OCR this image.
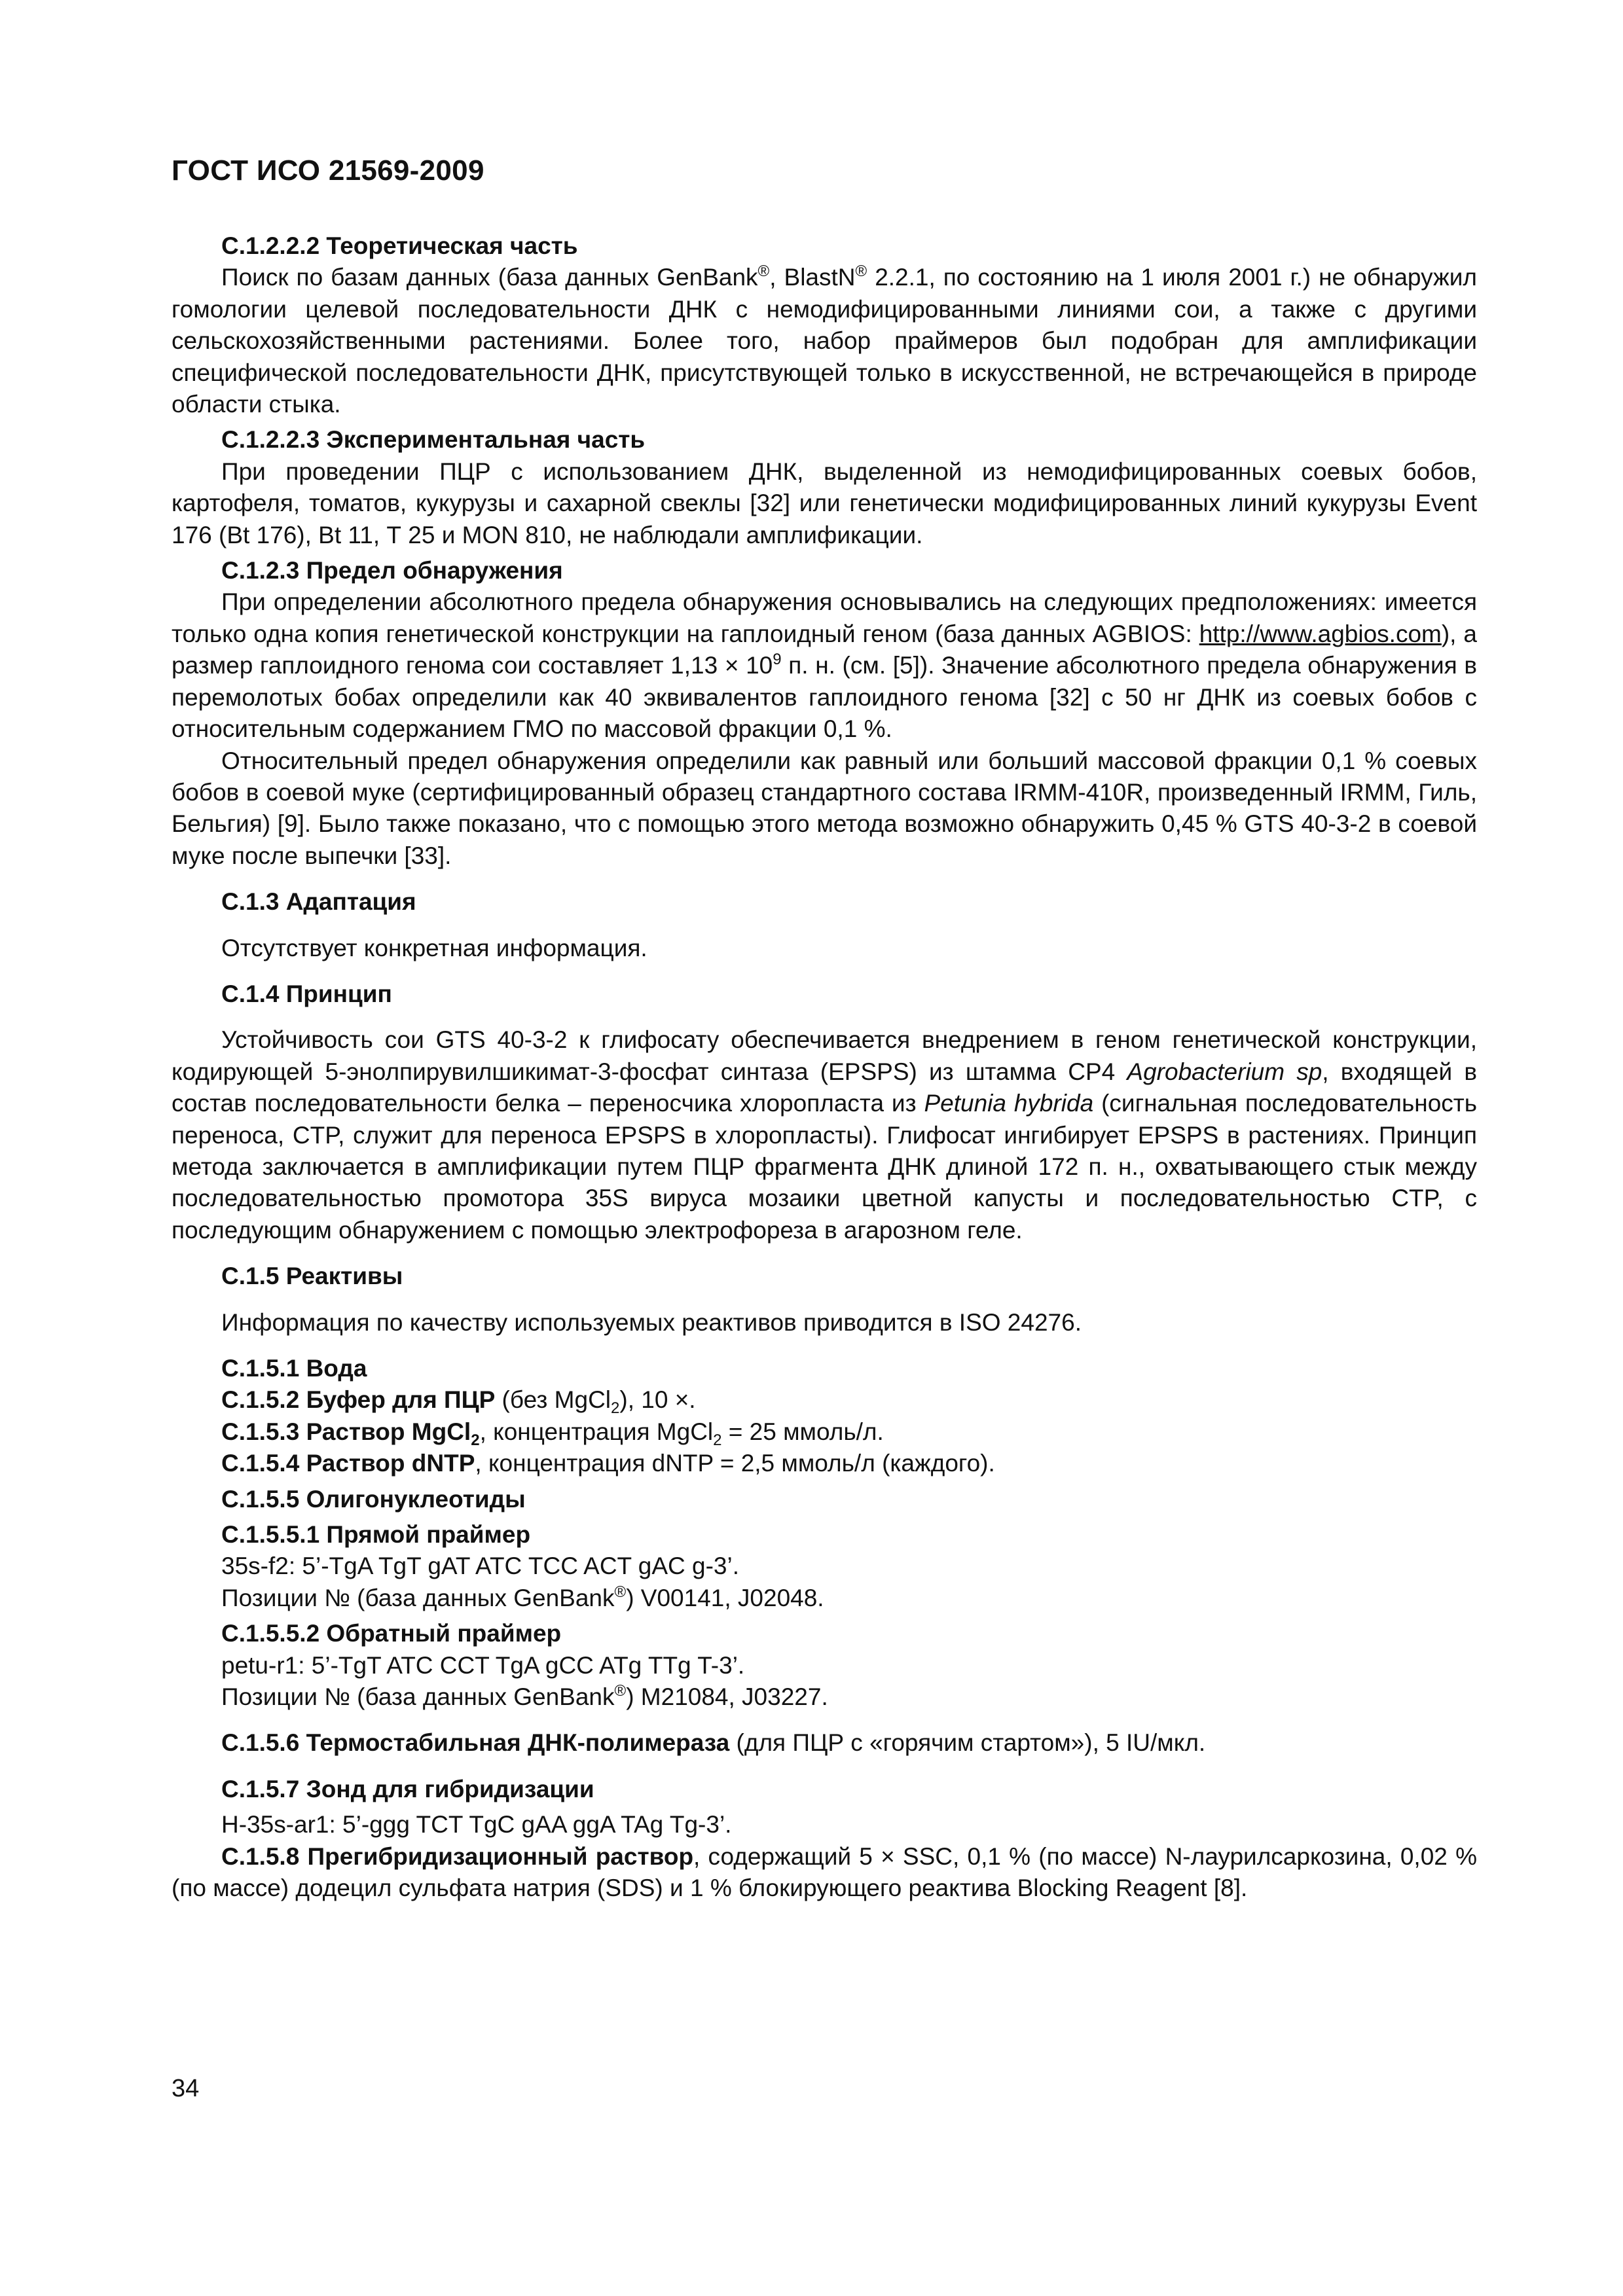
ГОСТ ИСО 21569-2009

С.1.2.2.2 Теоретическая часть

Поиск по базам данных (база данных GenBank®, BlastN® 2.2.1, по состоянию на 1 июля 2001 г.) не обнаружил гомологии целевой последовательности ДНК с немодифицированными линиями сои, а также с другими сельскохозяйственными растениями. Более того, набор праймеров был подобран для амплификации специфической последовательности ДНК, присутствующей только в искусственной, не встречающейся в природе области стыка.

С.1.2.2.3 Экспериментальная часть

При проведении ПЦР с использованием ДНК, выделенной из немодифицированных соевых бобов, картофеля, томатов, кукурузы и сахарной свеклы [32] или генетически модифицированных линий кукурузы Event 176 (Bt 176), Bt 11, Т 25 и MON 810, не наблюдали амплификации.

С.1.2.3 Предел обнаружения

При определении абсолютного предела обнаружения основывались на следующих предположениях: имеется только одна копия генетической конструкции на гаплоидный геном (база данных AGBIOS: http://www.agbios.com), а размер гаплоидного генома сои составляет $1,13 \times 10^9$ п. н. (см. [5]). Значение абсолютного предела обнаружения в перемолотых бобах определили как 40 эквивалентов гаплоидного генома [32] с 50 нг ДНК из соевых бобов с относительным содержанием ГМО по массовой фракции 0,1 %.

Относительный предел обнаружения определили как равный или больший массовой фракции 0,1 % соевых бобов в соевой муке (сертифицированный образец стандартного состава IRMM-410R, произведенный IRMM, Гиль, Бельгия) [9]. Было также показано, что с помощью этого метода возможно обнаружить 0,45 % GTS 40-3-2 в соевой муке после выпечки [33].

С.1.3 Адаптация

Отсутствует конкретная информация.

С.1.4 Принцип

Устойчивость сои GTS 40-3-2 к глифосату обеспечивается внедрением в геном генетической конструкции, кодирующей 5-энолпирувилшикимат-3-фосфат синтаза (EPSPS) из штамма CP4 Agrobacterium sp, входящей в состав последовательности белка – переносчика хлоропласта из Petunia hybrida (сигнальная последовательность переноса, CTP, служит для переноса EPSPS в хлоропласты). Глифосат ингибирует EPSPS в растениях. Принцип метода заключается в амплификации путем ПЦР фрагмента ДНК длиной 172 п. н., охватывающего стык между последовательностью промотора 35S вируса мозаики цветной капусты и последовательностью CTP, с последующим обнаружением с помощью электрофореза в агарозном геле.

С.1.5 Реактивы

Информация по качеству используемых реактивов приводится в ISO 24276.

С.1.5.1 Вода

С.1.5.2 Буфер для ПЦР (без MgCl$_2$), 10 ×.

С.1.5.3 Раствор MgCl$_2$, концентрация MgCl$_2$ = 25 ммоль/л.

С.1.5.4 Раствор dNTP, концентрация dNTP = 2,5 ммоль/л (каждого).

С.1.5.5 Олигонуклеотиды

С.1.5.5.1 Прямой праймер

35s-f2: 5’-TgA TgT gAT ATC TCC ACT gAC g-3’.

Позиции № (база данных GenBank®) V00141, J02048.

С.1.5.5.2 Обратный праймер

petu-r1: 5’-TgT ATC CCT TgA gCC ATg TTg T-3’.

Позиции № (база данных GenBank®) M21084, J03227.

С.1.5.6 Термостабильная ДНК-полимераза (для ПЦР с «горячим стартом»), 5 IU/мкл.

С.1.5.7 Зонд для гибридизации

H-35s-ar1: 5’-ggg TCT TgC gAA ggA TAg Tg-3’.

С.1.5.8 Прегибридизационный раствор, содержащий 5 × SSC, 0,1 % (по массе) N-лаурилсаркозина, 0,02 % (по массе) додецил сульфата натрия (SDS) и 1 % блокирующего реактива Blocking Reagent [8].

34
